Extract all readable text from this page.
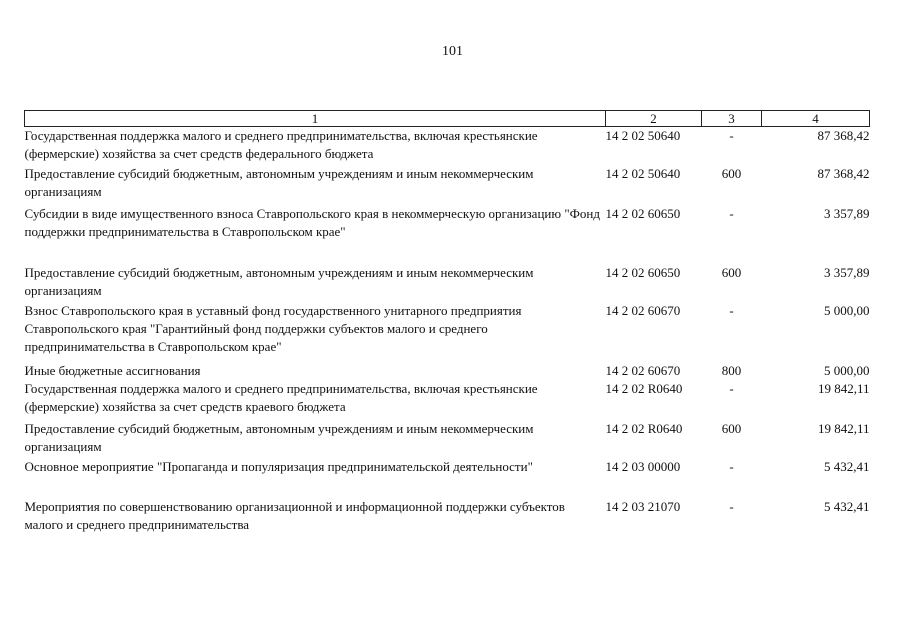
101
1	2	3	4
Государственная поддержка малого и среднего предпринимательства, включая крестьянские (фермерские) хозяйства за счет средств федерального бюджета	14 2 02 50640	-	87 368,42
Предоставление субсидий бюджетным, автономным учреждениям и иным некоммерческим организациям	14 2 02 50640	600	87 368,42
Субсидии в виде имущественного взноса Ставропольского края в некоммерческую организацию "Фонд поддержки предпринимательства в Ставропольском крае"	14 2 02 60650	-	3 357,89
Предоставление субсидий бюджетным, автономным учреждениям и иным некоммерческим организациям	14 2 02 60650	600	3 357,89
Взнос Ставропольского края в уставный фонд государственного унитарного предприятия Ставропольского края "Гарантийный фонд поддержки субъектов малого и среднего предпринимательства в Ставропольском крае"	14 2 02 60670	-	5 000,00
Иные бюджетные ассигнования	14 2 02 60670	800	5 000,00
Государственная поддержка малого и среднего предпринимательства, включая крестьянские (фермерские) хозяйства за счет средств краевого бюджета	14 2 02 R0640	-	19 842,11
Предоставление субсидий бюджетным, автономным учреждениям и иным некоммерческим организациям	14 2 02 R0640	600	19 842,11
Основное мероприятие "Пропаганда и популяризация предпринимательской деятельности"	14 2 03 00000	-	5 432,41
Мероприятия по совершенствованию организационной и информационной поддержки субъектов малого и среднего предпринимательства	14 2 03 21070	-	5 432,41
